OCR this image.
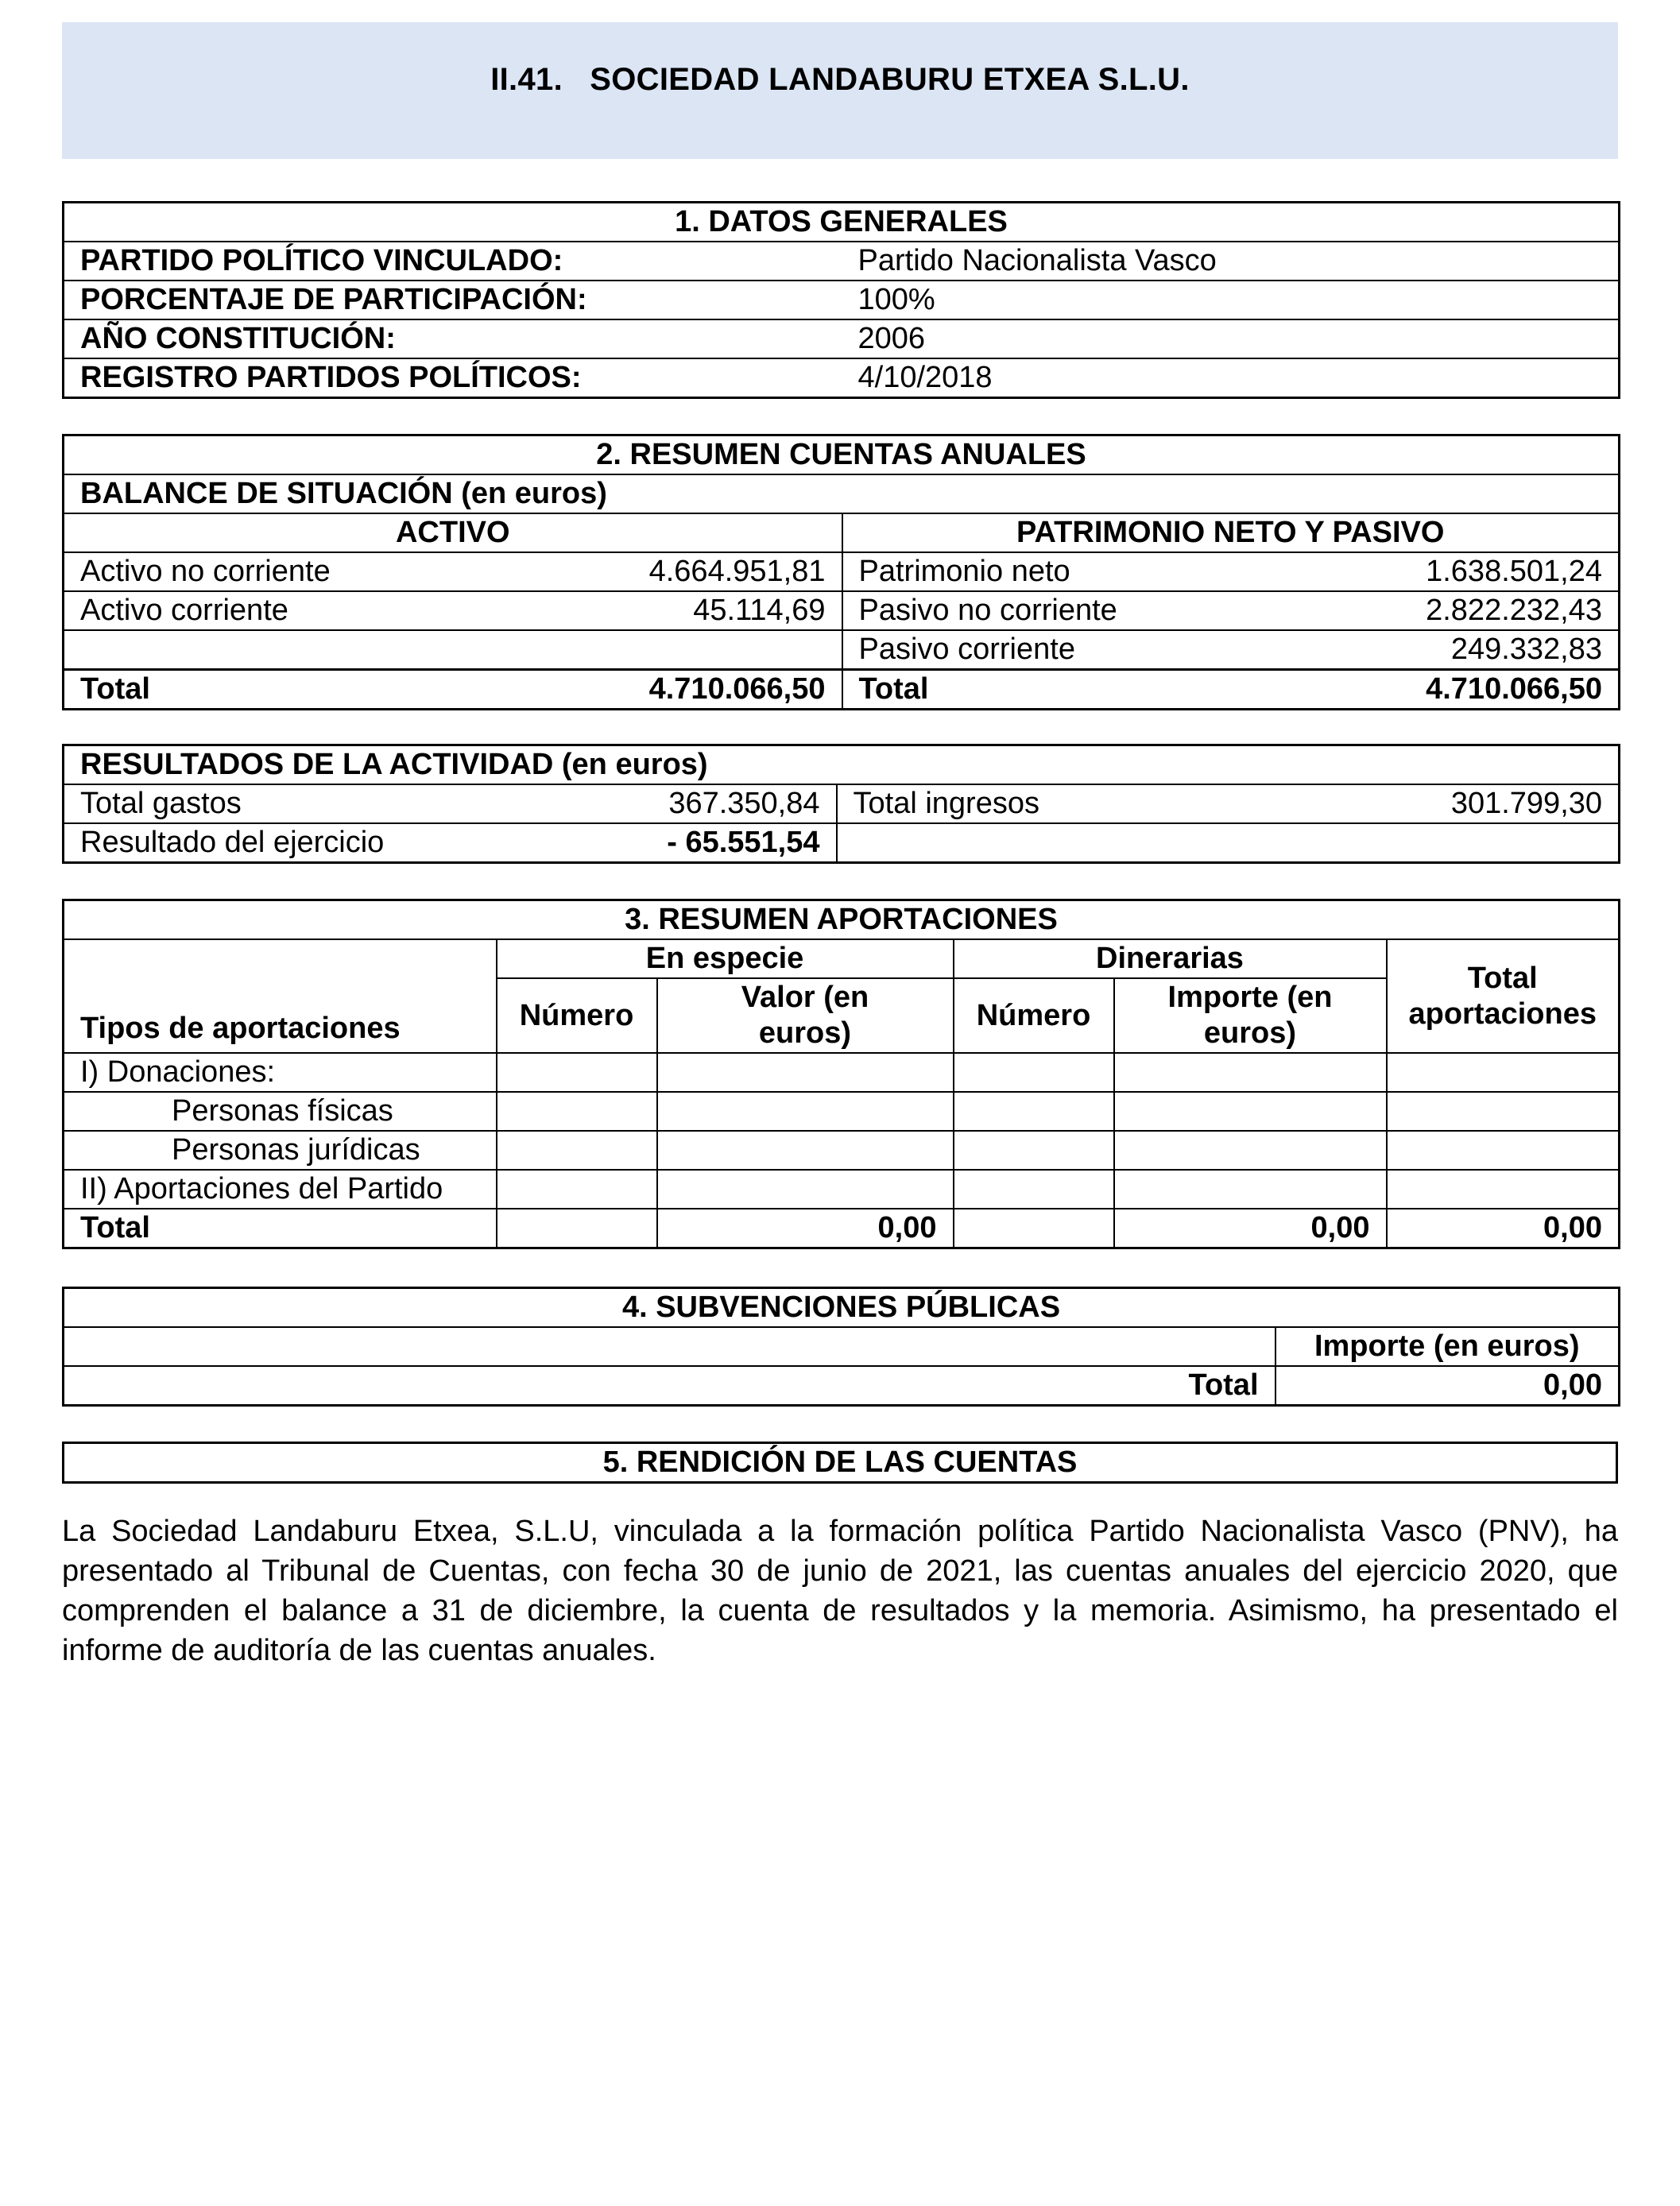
II.41. SOCIEDAD LANDABURU ETXEA S.L.U.
1. DATOS GENERALES	
PARTIDO POLÍTICO VINCULADO:	Partido Nacionalista Vasco
PORCENTAJE DE PARTICIPACIÓN:	100%
AÑO CONSTITUCIÓN:	2006
REGISTRO PARTIDOS POLÍTICOS:	4/10/2018
2. RESUMEN CUENTAS ANUALES			
BALANCE DE SITUACIÓN (en euros)			
ACTIVO		PATRIMONIO NETO Y PASIVO	
Activo no corriente	4.664.951,81	Patrimonio neto	1.638.501,24
Activo corriente	45.114,69	Pasivo no corriente	2.822.232,43
		Pasivo corriente	249.332,83
Total	4.710.066,50	Total	4.710.066,50
RESULTADOS DE LA ACTIVIDAD (en euros)			
Total gastos	367.350,84	Total ingresos	301.799,30
Resultado del ejercicio	- 65.551,54		
3. RESUMEN APORTACIONES					
Tipos de aportaciones	En especie		Dinerarias		Total aportaciones
	Número	Valor (en euros)	Número	Importe (en euros)	
I) Donaciones:					
Personas físicas					
Personas jurídicas					
II) Aportaciones del Partido					
Total		0,00		0,00	0,00
4. SUBVENCIONES PÚBLICAS	
	Importe (en euros)
Total	0,00
5. RENDICIÓN DE LAS CUENTAS
La Sociedad Landaburu Etxea, S.L.U, vinculada a la formación política Partido Nacionalista Vasco (PNV), ha presentado al Tribunal de Cuentas, con fecha 30 de junio de 2021, las cuentas anuales del ejercicio 2020, que comprenden el balance a 31 de diciembre, la cuenta de resultados y la memoria. Asimismo, ha presentado el informe de auditoría de las cuentas anuales.
